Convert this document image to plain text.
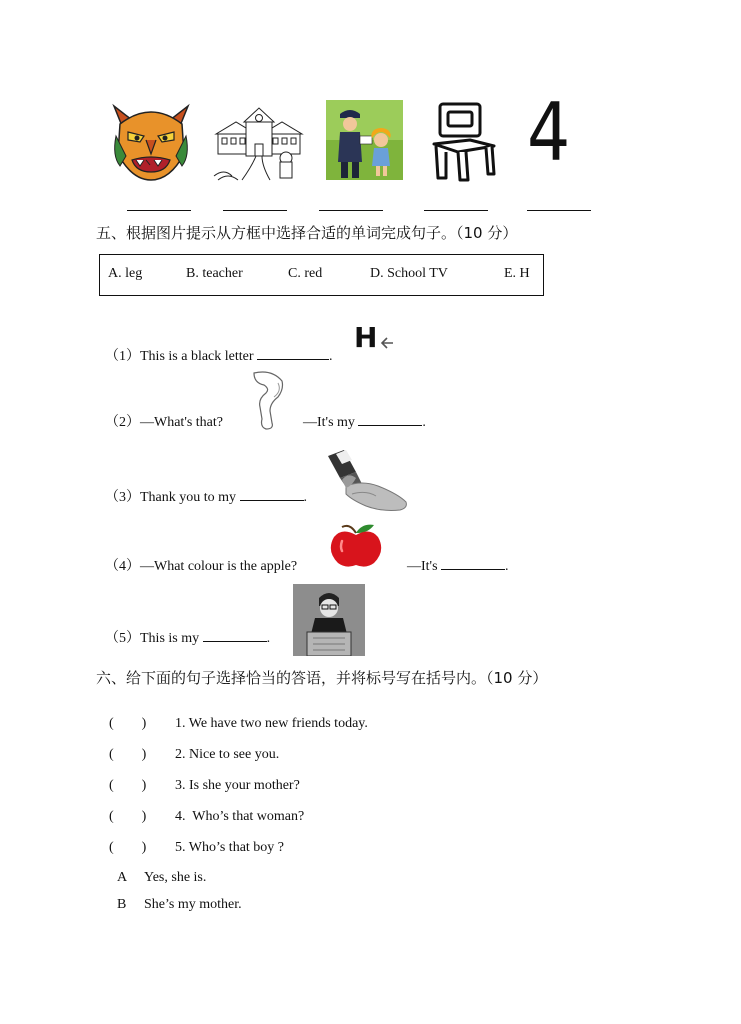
4
五、根据图片提示从方框中选择合适的单词完成句子。（10 分）
A. leg	B. teacher	C. red	D. School TV	E. H

（1）This is a black letter	.

H

（2）—What's that?	—It's my	.

（3）Thank you to my	.

（4）—What colour is the apple?	—It's	.

（5）This is my	.

六、给下面的句子选择恰当的答语，并将标号写在括号内。（10 分）

(        ) 1. We have two new friends today.

(        ) 2. Nice to see you.

(        ) 3. Is she your mother?

(        ) 4.  Who’s that woman?

(        ) 5. Who’s that boy ?

A Yes, she is.

B She’s my mother.
